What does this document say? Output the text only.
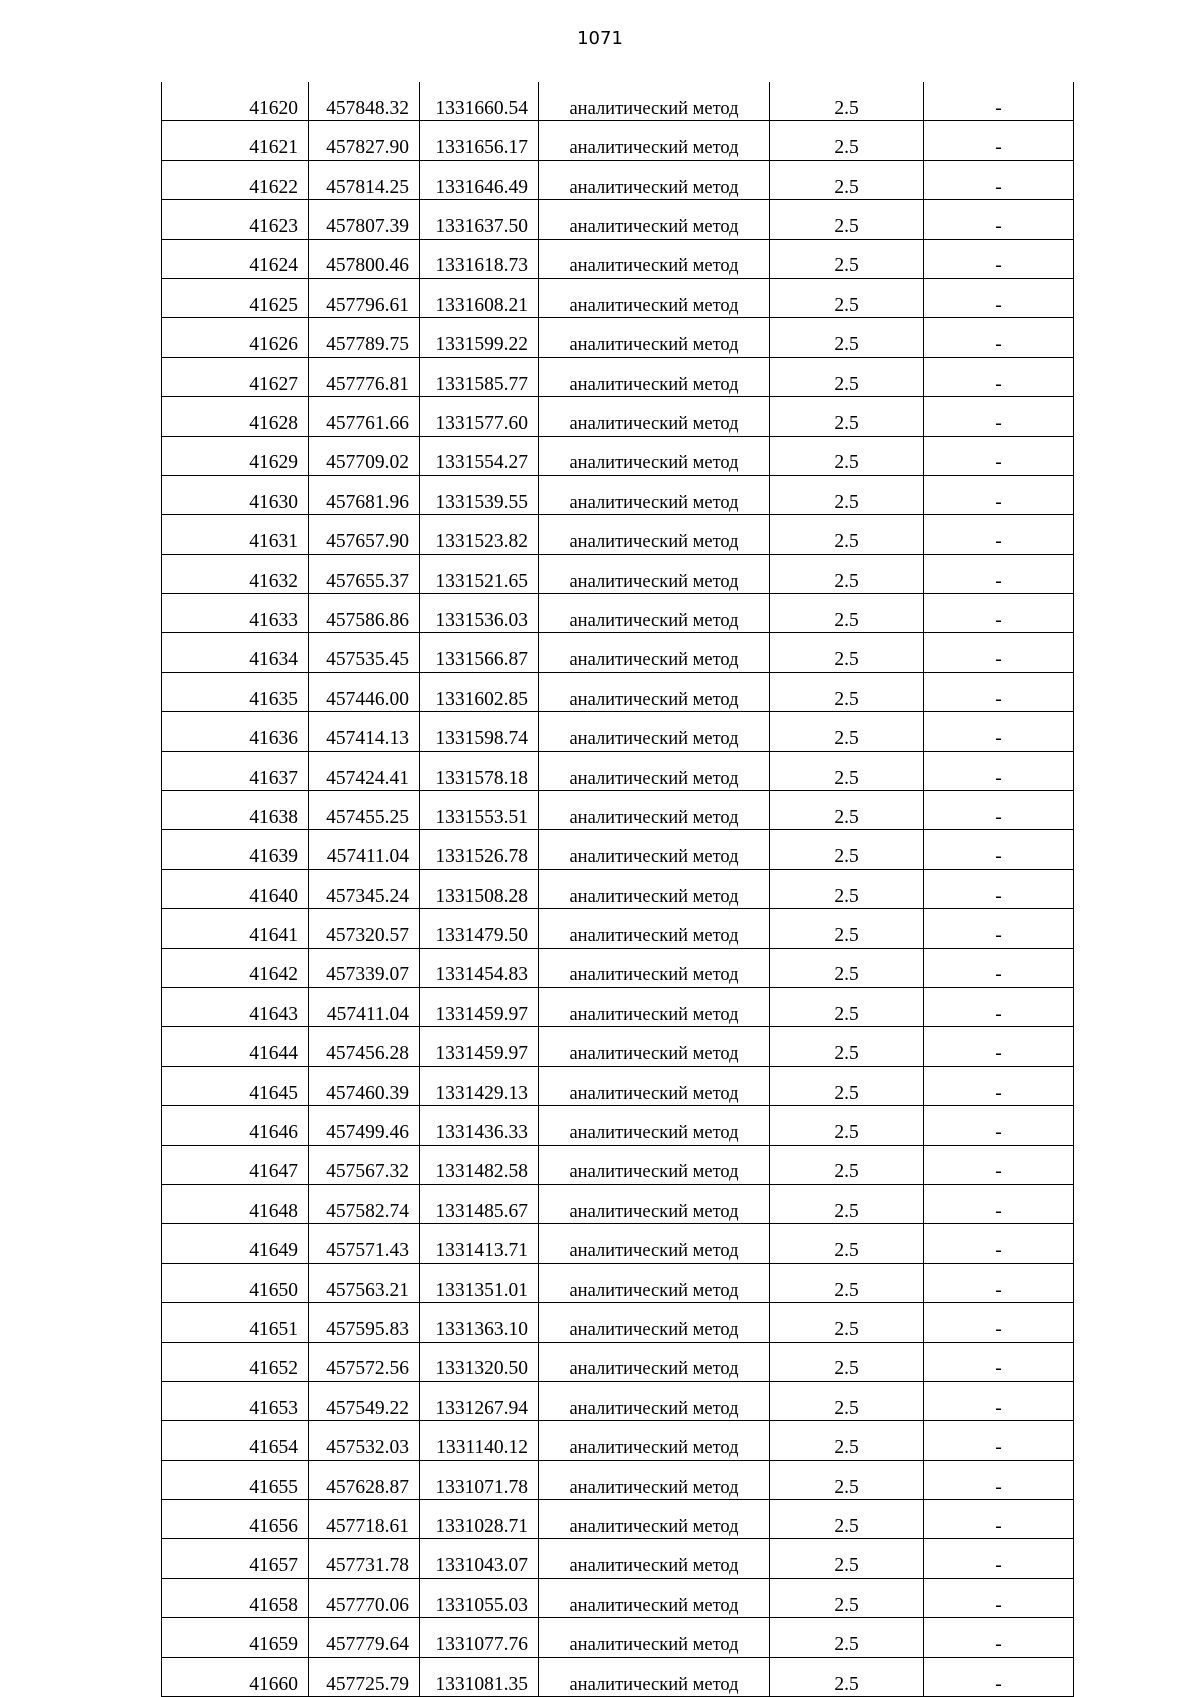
1071
41620	457848.32	1331660.54	аналитический метод	2.5	-
41621	457827.90	1331656.17	аналитический метод	2.5	-
41622	457814.25	1331646.49	аналитический метод	2.5	-
41623	457807.39	1331637.50	аналитический метод	2.5	-
41624	457800.46	1331618.73	аналитический метод	2.5	-
41625	457796.61	1331608.21	аналитический метод	2.5	-
41626	457789.75	1331599.22	аналитический метод	2.5	-
41627	457776.81	1331585.77	аналитический метод	2.5	-
41628	457761.66	1331577.60	аналитический метод	2.5	-
41629	457709.02	1331554.27	аналитический метод	2.5	-
41630	457681.96	1331539.55	аналитический метод	2.5	-
41631	457657.90	1331523.82	аналитический метод	2.5	-
41632	457655.37	1331521.65	аналитический метод	2.5	-
41633	457586.86	1331536.03	аналитический метод	2.5	-
41634	457535.45	1331566.87	аналитический метод	2.5	-
41635	457446.00	1331602.85	аналитический метод	2.5	-
41636	457414.13	1331598.74	аналитический метод	2.5	-
41637	457424.41	1331578.18	аналитический метод	2.5	-
41638	457455.25	1331553.51	аналитический метод	2.5	-
41639	457411.04	1331526.78	аналитический метод	2.5	-
41640	457345.24	1331508.28	аналитический метод	2.5	-
41641	457320.57	1331479.50	аналитический метод	2.5	-
41642	457339.07	1331454.83	аналитический метод	2.5	-
41643	457411.04	1331459.97	аналитический метод	2.5	-
41644	457456.28	1331459.97	аналитический метод	2.5	-
41645	457460.39	1331429.13	аналитический метод	2.5	-
41646	457499.46	1331436.33	аналитический метод	2.5	-
41647	457567.32	1331482.58	аналитический метод	2.5	-
41648	457582.74	1331485.67	аналитический метод	2.5	-
41649	457571.43	1331413.71	аналитический метод	2.5	-
41650	457563.21	1331351.01	аналитический метод	2.5	-
41651	457595.83	1331363.10	аналитический метод	2.5	-
41652	457572.56	1331320.50	аналитический метод	2.5	-
41653	457549.22	1331267.94	аналитический метод	2.5	-
41654	457532.03	1331140.12	аналитический метод	2.5	-
41655	457628.87	1331071.78	аналитический метод	2.5	-
41656	457718.61	1331028.71	аналитический метод	2.5	-
41657	457731.78	1331043.07	аналитический метод	2.5	-
41658	457770.06	1331055.03	аналитический метод	2.5	-
41659	457779.64	1331077.76	аналитический метод	2.5	-
41660	457725.79	1331081.35	аналитический метод	2.5	-
